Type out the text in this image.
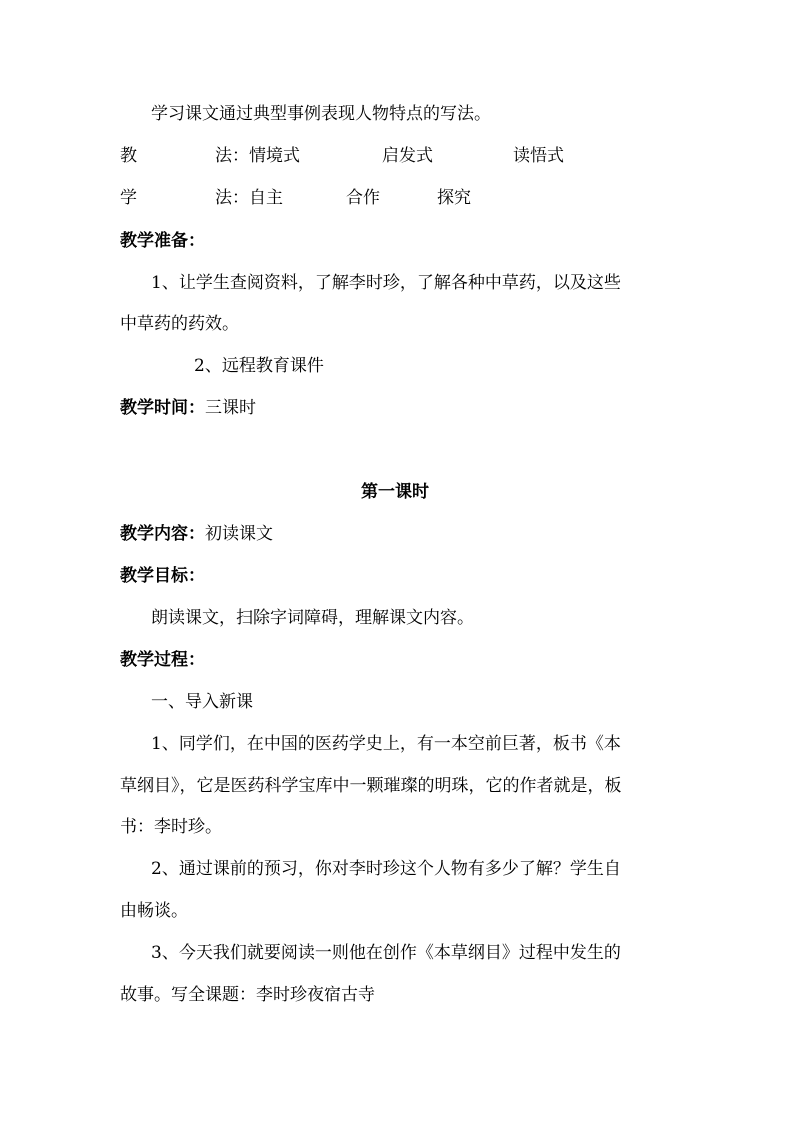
学习课文通过典型事例表现人物特点的写法。
教	法：情境式	启发式	读悟式
学	法：自主	合作	探究
教学准备：
1、让学生查阅资料，了解李时珍，了解各种中草药，以及这些
中草药的药效。
2、远程教育课件
教学时间：三课时
第一课时
教学内容：初读课文
教学目标：
朗读课文，扫除字词障碍，理解课文内容。
教学过程：
一、导入新课
1、同学们，在中国的医药学史上，有一本空前巨著，板书《本
草纲目》，它是医药科学宝库中一颗璀璨的明珠，它的作者就是，板
书：李时珍。
2、通过课前的预习，你对李时珍这个人物有多少了解？学生自
由畅谈。
3、今天我们就要阅读一则他在创作《本草纲目》过程中发生的
故事。写全课题：李时珍夜宿古寺
